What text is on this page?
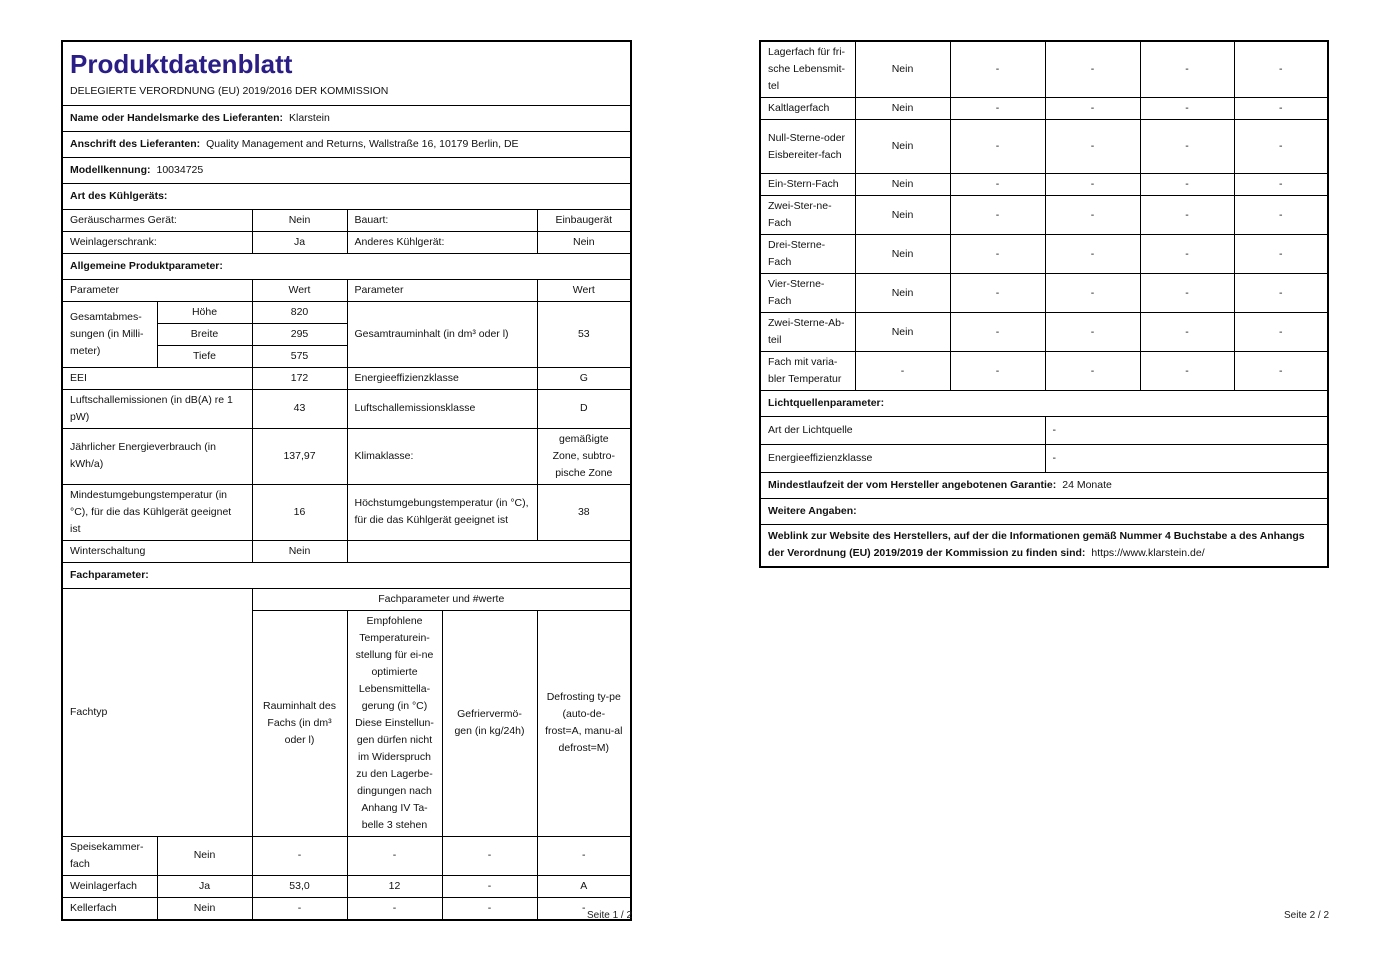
Produktdatenblatt
DELEGIERTE VERORDNUNG (EU) 2019/2016 DER KOMMISSION					

Name oder Handelsmarke des Lieferanten: Klarstein					
Anschrift des Lieferanten: Quality Management and Returns, Wallstraße 16, 10179 Berlin, DE					
Modellkennung: 10034725					
Art des Kühlgeräts:					
Geräuscharmes Gerät:		Nein	Bauart:		Einbaugerät
Weinlagerschrank:		Ja	Anderes Kühlgerät:		Nein
Allgemeine Produktparameter:					
Parameter		Wert	Parameter		Wert
Gesamtabmes-sungen (in Milli-meter)	Höhe	820	Gesamtrauminhalt (in dm³ oder l)		53
	Breite	295			
	Tiefe	575			
EEI		172	Energieeffizienzklasse		G
Luftschallemissionen (in dB(A) re 1 pW)		43	Luftschallemissionsklasse		D
Jährlicher Energieverbrauch (in kWh/a)		137,97	Klimaklasse:		gemäßigte Zone, subtro-pische Zone
Mindestumgebungstemperatur (in °C), für die das Kühlgerät geeignet ist		16	Höchstumgebungstemperatur (in °C), für die das Kühlgerät geeignet ist		38
Winterschaltung		Nein			
Fachparameter:					
Fachtyp		Fachparameter und #werte			
		Rauminhalt des Fachs (in dm³ oder l)	Empfohlene Temperaturein-stellung für ei-ne optimierte Lebensmittella-gerung (in °C) Diese Einstellun-gen dürfen nicht im Widerspruch zu den Lagerbe-dingungen nach Anhang IV Ta-belle 3 stehen	Gefriervermö-gen (in kg/24h)	Defrosting ty-pe (auto-de-frost=A, manu-al defrost=M)
Speisekammer-fach	Nein	-	-	-	-
Weinlagerfach	Ja	53,0	12	-	A
Kellerfach	Nein	-	-	-	-
Seite 1 / 2
Lagerfach für fri-sche Lebensmit-tel	Nein	-	-	-	-
Kaltlagerfach	Nein	-	-	-	-
Null-Sterne-oder Eisbereiter-fach	Nein	-	-	-	-
Ein-Stern-Fach	Nein	-	-	-	-
Zwei-Ster-ne-Fach	Nein	-	-	-	-
Drei-Sterne-Fach	Nein	-	-	-	-
Vier-Sterne-Fach	Nein	-	-	-	-
Zwei-Sterne-Ab-teil	Nein	-	-	-	-
Fach mit varia-bler Temperatur	-	-	-	-	-
Lichtquellenparameter:					
Art der Lichtquelle			-		
Energieeffizienzklasse			-		
Mindestlaufzeit der vom Hersteller angebotenen Garantie: 24 Monate					
Weitere Angaben:					
Weblink zur Website des Herstellers, auf der die Informationen gemäß Nummer 4 Buchstabe a des Anhangs der Verordnung (EU) 2019/2019 der Kommission zu finden sind: https://www.klarstein.de/					
Seite 2 / 2
